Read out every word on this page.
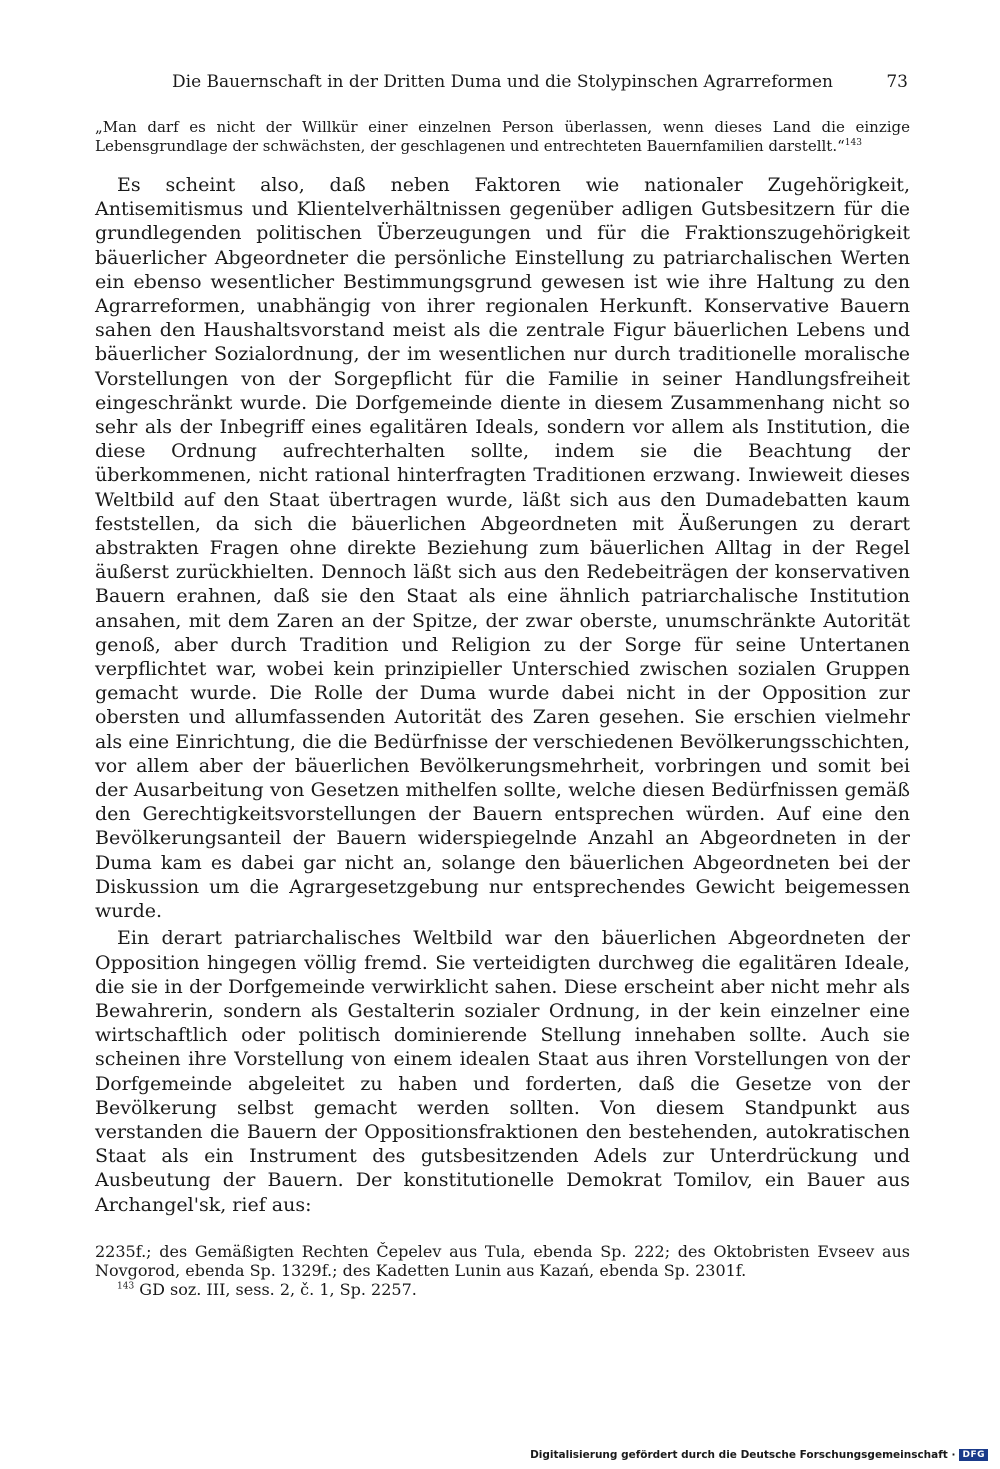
Die Bauernschaft in der Dritten Duma und die Stolypinschen Agrarreformen	73
„Man darf es nicht der Willkür einer einzelnen Person überlassen, wenn dieses Land die einzige Lebensgrundlage der schwächsten, der geschlagenen und entrechteten Bauernfamilien darstellt.“$^{143}$

Es scheint also, daß neben Faktoren wie nationaler Zugehörigkeit, Antisemitismus und Klientelverhältnissen gegenüber adligen Gutsbesitzern für die grundlegenden politischen Überzeugungen und für die Fraktionszugehörigkeit bäuerlicher Abgeordneter die persönliche Einstellung zu patriarchalischen Werten ein ebenso wesentlicher Bestimmungsgrund gewesen ist wie ihre Haltung zu den Agrarreformen, unabhängig von ihrer regionalen Herkunft. Konservative Bauern sahen den Haushaltsvorstand meist als die zentrale Figur bäuerlichen Lebens und bäuerlicher Sozialordnung, der im wesentlichen nur durch traditionelle moralische Vorstellungen von der Sorgepflicht für die Familie in seiner Handlungsfreiheit eingeschränkt wurde. Die Dorfgemeinde diente in diesem Zusammenhang nicht so sehr als der Inbegriff eines egalitären Ideals, sondern vor allem als Institution, die diese Ordnung aufrechterhalten sollte, indem sie die Beachtung der überkommenen, nicht rational hinterfragten Traditionen erzwang. Inwieweit dieses Weltbild auf den Staat übertragen wurde, läßt sich aus den Dumadebatten kaum feststellen, da sich die bäuerlichen Abgeordneten mit Äußerungen zu derart abstrakten Fragen ohne direkte Beziehung zum bäuerlichen Alltag in der Regel äußerst zurückhielten. Dennoch läßt sich aus den Redebeiträgen der konservativen Bauern erahnen, daß sie den Staat als eine ähnlich patriarchalische Institution ansahen, mit dem Zaren an der Spitze, der zwar oberste, unumschränkte Autorität genoß, aber durch Tradition und Religion zu der Sorge für seine Untertanen verpflichtet war, wobei kein prinzipieller Unterschied zwischen sozialen Gruppen gemacht wurde. Die Rolle der Duma wurde dabei nicht in der Opposition zur obersten und allumfassenden Autorität des Zaren gesehen. Sie erschien vielmehr als eine Einrichtung, die die Bedürfnisse der verschiedenen Bevölkerungsschichten, vor allem aber der bäuerlichen Bevölkerungsmehrheit, vorbringen und somit bei der Ausarbeitung von Gesetzen mithelfen sollte, welche diesen Bedürfnissen gemäß den Gerechtigkeitsvorstellungen der Bauern entsprechen würden. Auf eine den Bevölkerungsanteil der Bauern widerspiegelnde Anzahl an Abgeordneten in der Duma kam es dabei gar nicht an, solange den bäuerlichen Abgeordneten bei der Diskussion um die Agrargesetzgebung nur entsprechendes Gewicht beigemessen wurde.

Ein derart patriarchalisches Weltbild war den bäuerlichen Abgeordneten der Opposition hingegen völlig fremd. Sie verteidigten durchweg die egalitären Ideale, die sie in der Dorfgemeinde verwirklicht sahen. Diese erscheint aber nicht mehr als Bewahrerin, sondern als Gestalterin sozialer Ordnung, in der kein einzelner eine wirtschaftlich oder politisch dominierende Stellung innehaben sollte. Auch sie scheinen ihre Vorstellung von einem idealen Staat aus ihren Vorstellungen von der Dorfgemeinde abgeleitet zu haben und forderten, daß die Gesetze von der Bevölkerung selbst gemacht werden sollten. Von diesem Standpunkt aus verstanden die Bauern der Oppositionsfraktionen den bestehenden, autokratischen Staat als ein Instrument des gutsbesitzenden Adels zur Unterdrückung und Ausbeutung der Bauern. Der konstitutionelle Demokrat Tomilov, ein Bauer aus Archangel'sk, rief aus:

2235f.; des Gemäßigten Rechten Čepelev aus Tula, ebenda Sp. 222; des Oktobristen Evseev aus Novgorod, ebenda Sp. 1329f.; des Kadetten Lunin aus Kazań, ebenda Sp. 2301f.

$^{143}$ GD soz. III, sess. 2, č. 1, Sp. 2257.

Digitalisierung gefördert durch die Deutsche Forschungsgemeinschaft · DFG
